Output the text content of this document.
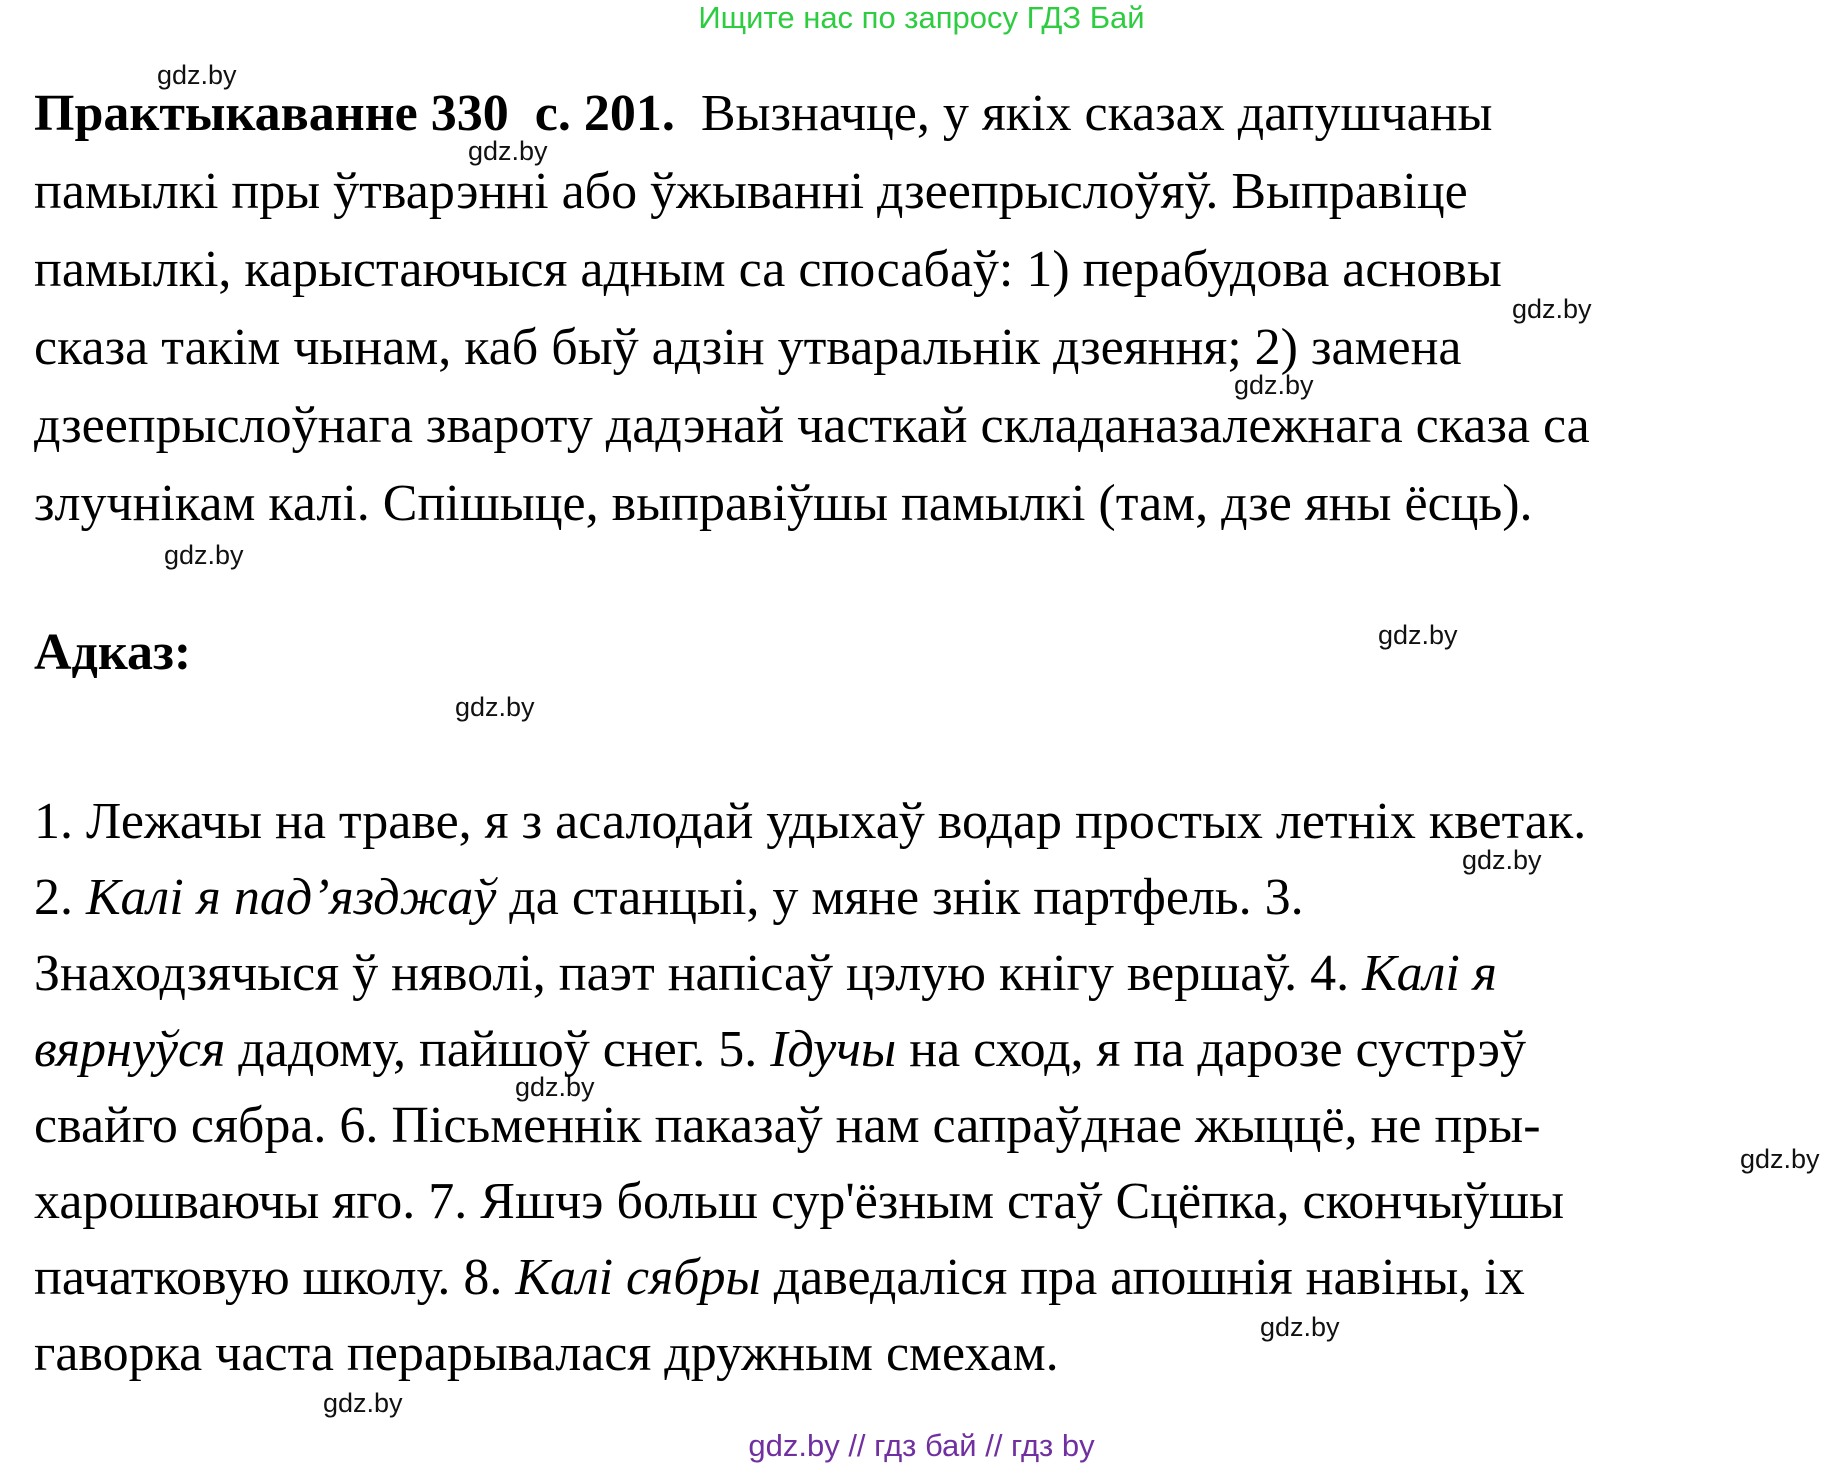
Ищите нас по запросу ГДЗ Бай
Практыкаванне 330 с. 201. Вызначце, у якіх сказах дапушчаны
памылкі пры ўтварэнні або ўжыванні дзеепрыслоўяў. Выправіце
памылкі, карыстаючыся адным са спосабаў: 1) перабудова асновы
сказа такім чынам, каб быў адзін утваральнік дзеяння; 2) замена
дзеепрыслоўнага звароту дадэнай часткай складаназалежнага сказа са
злучнікам калі. Спішыце, выправіўшы памылкі (там, дзе яны ёсць).
Адказ:
1. Лежачы на траве, я з асалодай удыхаў водар простых летніх кветак.
2. Калі я пад’язджаў да станцыі, у мяне знік партфель. 3.
Знаходзячыся ў няволі, паэт напісаў цэлую кнігу вершаў. 4. Калі я
вярнуўся дадому, пайшоў снег. 5. Ідучы на сход, я па дарозе сустрэў
свайго сябра. 6. Пісьменнік паказаў нам сапраўднае жыццё, не пры-
харошваючы яго. 7. Яшчэ больш сур'ёзным стаў Сцёпка, скончыўшы
пачатковую школу. 8. Калі сябры даведаліся пра апошнія навіны, іх
гаворка часта перарывалася дружным смехам.
gdz.by
gdz.by
gdz.by
gdz.by
gdz.by
gdz.by
gdz.by
gdz.by
gdz.by
gdz.by
gdz.by
gdz.by
gdz.by // гдз бай // гдз by
